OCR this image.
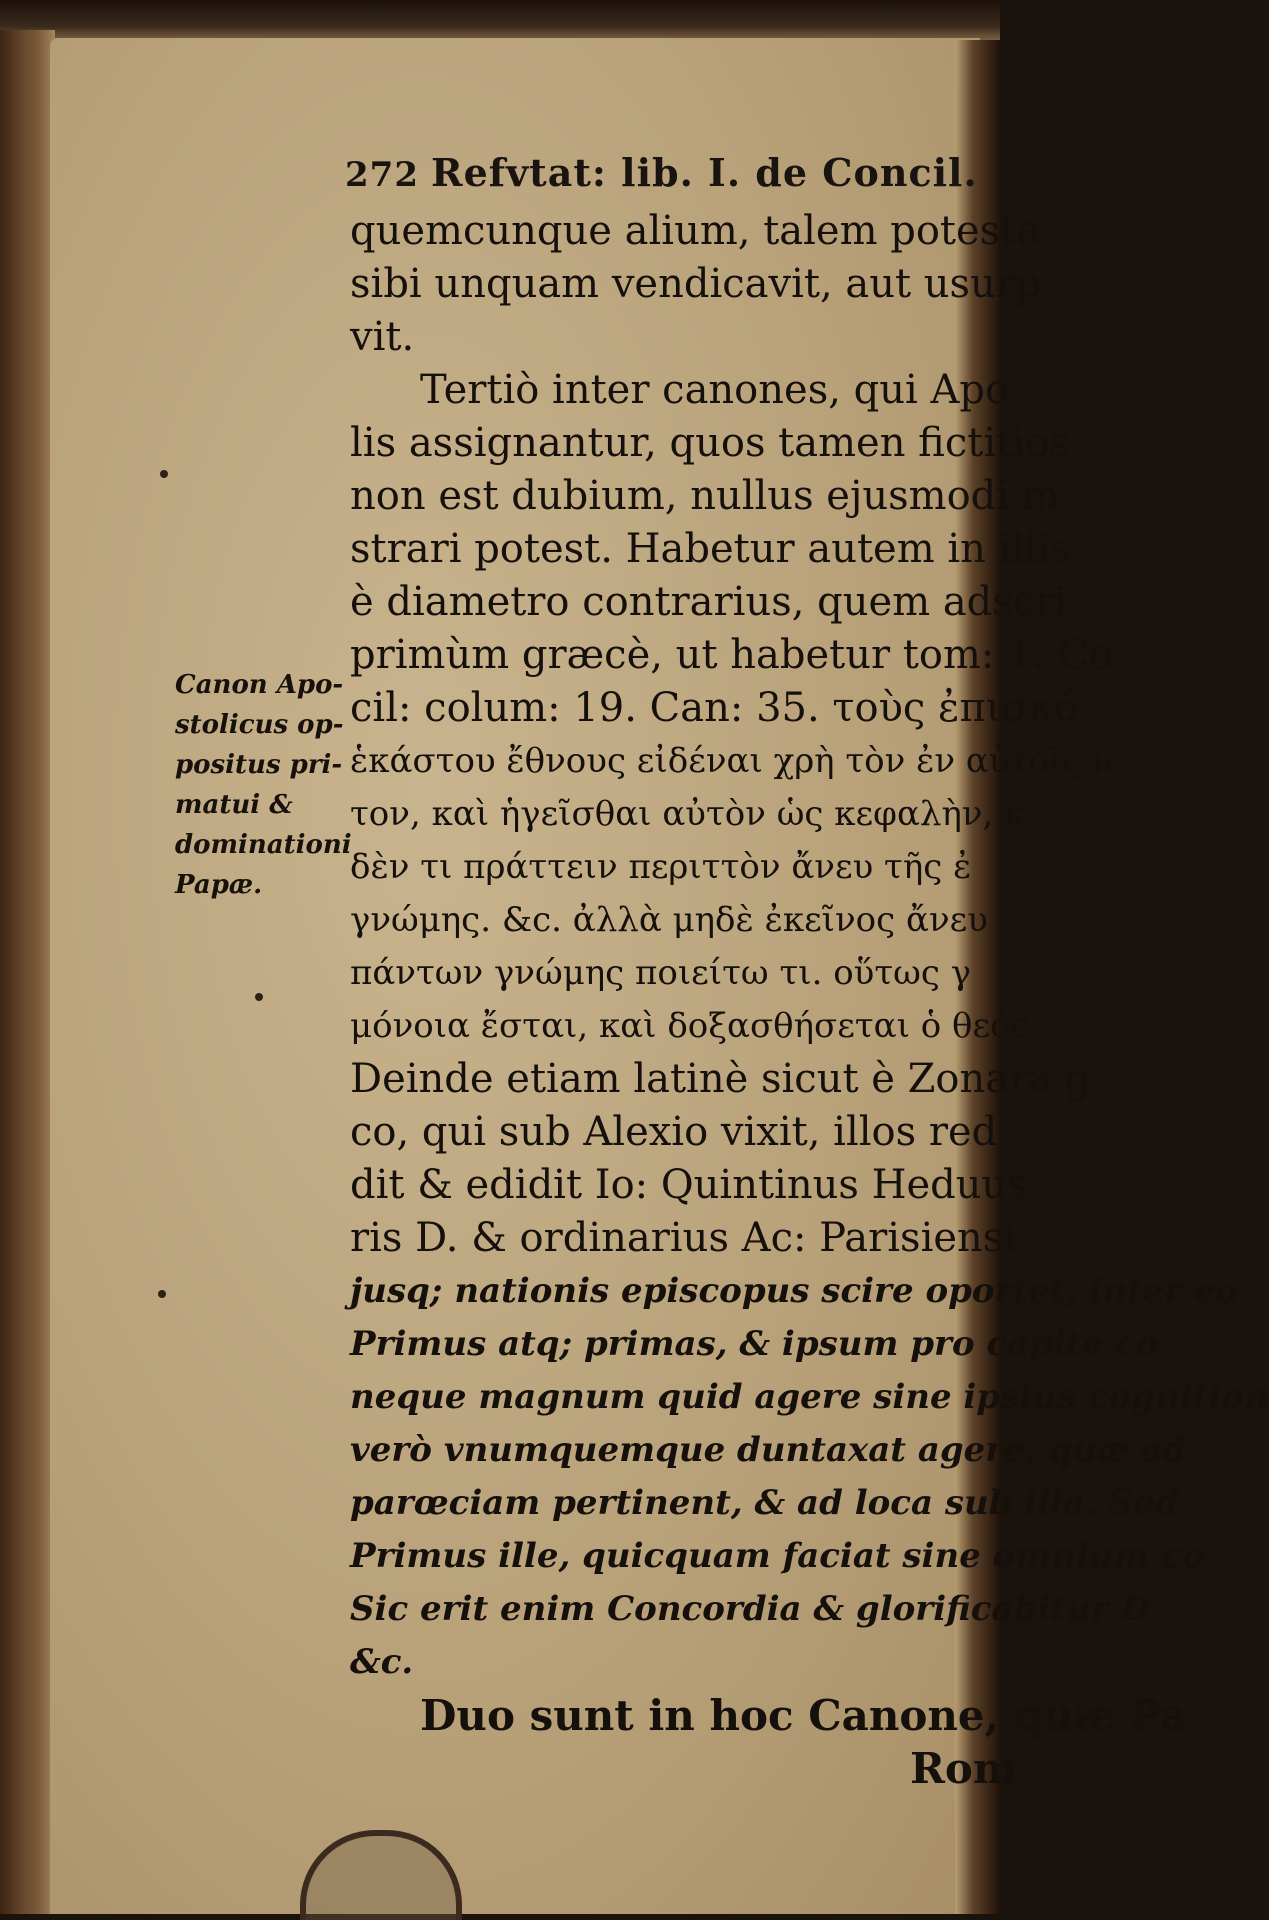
272 Refvtat: lib. I. de Concil.
quemcunque alium, talem potesta
sibi unquam vendicavit, aut usurp
vit.
Tertiò inter canones, qui Apo
lis assignantur, quos tamen fictitios
non est dubium, nullus ejusmodi m
strari potest. Habetur autem in illis
è diametro contrarius, quem adscri
primùm græcè, ut habetur tom: 1. Co
cil: colum: 19. Can: 35. τοὺς ἐπισκό
ἑκάστου ἔθνους εἰδέναι χρὴ τὸν ἐν αὐτοῖς π
τον, καὶ ἡγεῖσθαι αὐτὸν ὡς κεφαλὴν, κ
δὲν τι πράττειν περιττὸν ἄνευ τῆς ἐ
γνώμης. &c. ἀλλὰ μηδὲ ἐκεῖνος ἄνευ
πάντων γνώμης ποιείτω τι. οὕτως γ
μόνοια ἔσται, καὶ δοξασθήσεται ὁ θεός
Deinde etiam latinè sicut è Zonara g
co, qui sub Alexio vixit, illos red
dit & edidit Io: Quintinus Heduus
ris D. & ordinarius Ac: Parisiensi
jusq; nationis episcopus scire oportet, inter eo
Primus atq; primas, & ipsum pro capite co
neque magnum quid agere sine ipsius cognition
verò vnumquemque duntaxat agere, quæ ad
parœciam pertinent, & ad loca sub illa. Sed
Primus ille, quicquam faciat sine omnium co
Sic erit enim Concordia & glorificabitur D
&c.
Duo sunt in hoc Canone, quæ Pa
Rom
Canon Apo-
stolicus op-
positus pri-
matui &
dominationi
Papæ.
